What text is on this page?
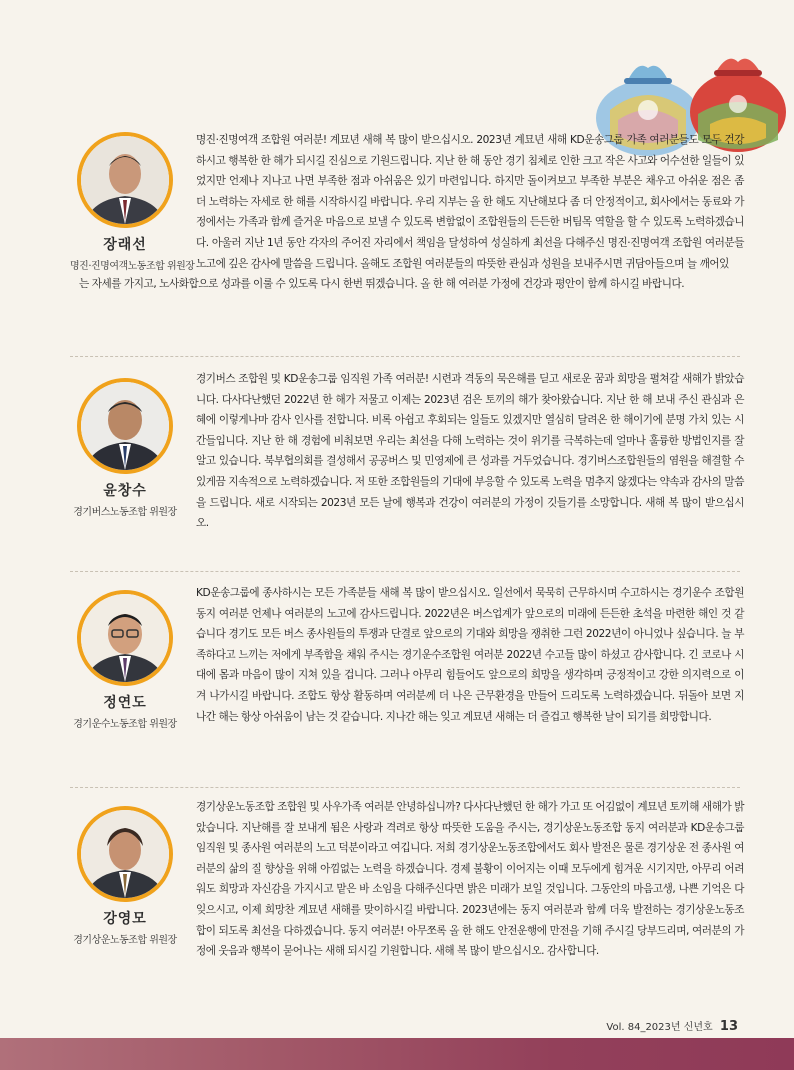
장래선
명진·진명여객노동조합 위원장

명진·진명여객 조합원 여러분! 계묘년 새해 복 많이 받으십시오. 2023년 계묘년 새해 KD운송그룹 가족 여러분들도 모두 건강하시고 행복한 한 해가 되시길 진심으로 기원드립니다. 지난 한 해 동안 경기 침체로 인한 크고 작은 사고와 어수선한 일들이 있었지만 언제나 지나고 나면 부족한 점과 아쉬움은 있기 마련입니다. 하지만 돌이켜보고 부족한 부분은 채우고 아쉬운 점은 좀 더 노력하는 자세로 한 해를 시작하시길 바랍니다. 우리 지부는 올 한 해도 지난해보다 좀 더 안정적이고, 회사에서는 동료와 가정에서는 가족과 함께 즐거운 마음으로 보낼 수 있도록 변함없이 조합원들의 든든한 버팀목 역할을 할 수 있도록 노력하겠습니다. 아울러 지난 1년 동안 각자의 주어진 자리에서 책임을 달성하여 성실하게 최선을 다해주신 명진·진명여객 조합원 여러분들 노고에 깊은 감사에 말씀을 드립니다. 올해도 조합원 여러분들의 따뜻한 관심과 성원을 보내주시면 귀담아들으며 늘 깨어있

는 자세를 가지고, 노사화합으로 성과를 이룰 수 있도록 다시 한번 뛰겠습니다. 올 한 해 여러분 가정에 건강과 평안이 함께 하시길 바랍니다.

윤창수
경기버스노동조합 위원장

경기버스 조합원 및 KD운송그룹 임직원 가족 여러분! 시련과 격동의 묵은해를 딛고 새로운 꿈과 희망을 펼쳐갈 새해가 밝았습니다. 다사다난했던 2022년 한 해가 저물고 이제는 2023년 검은 토끼의 해가 찾아왔습니다. 지난 한 해 보내 주신 관심과 은혜에 이렇게나마 감사 인사를 전합니다. 비록 아쉽고 후회되는 일들도 있겠지만 열심히 달려온 한 해이기에 분명 가치 있는 시간들입니다. 지난 한 해 경험에 비춰보면 우리는 최선을 다해 노력하는 것이 위기를 극복하는데 얼마나 훌륭한 방법인지를 잘 알고 있습니다. 북부협의회를 결성해서 공공버스 및 민영제에 큰 성과를 거두었습니다. 경기버스조합원들의 염원을 해결할 수 있게끔 지속적으로 노력하겠습니다. 저 또한 조합원들의 기대에 부응할 수 있도록 노력을 멈추지 않겠다는 약속과 감사의 말씀을 드립니다. 새로 시작되는 2023년 모든 날에 행복과 건강이 여러분의 가정이 깃들기를 소망합니다. 새해 복 많이 받으십시오.

정연도
경기운수노동조합 위원장

KD운송그룹에 종사하시는 모든 가족분들 새해 복 많이 받으십시오. 일선에서 묵묵히 근무하시며 수고하시는 경기운수 조합원 동지 여러분 언제나 여러분의 노고에 감사드립니다. 2022년은 버스업계가 앞으로의 미래에 든든한 초석을 마련한 해인 것 같습니다 경기도 모든 버스 종사원들의 투쟁과 단결로 앞으로의 기대와 희망을 쟁취한 그런 2022년이 아니었나 싶습니다. 늘 부족하다고 느끼는 저에게 부족함을 채워 주시는 경기운수조합원 여러분 2022년 수고들 많이 하셨고 감사합니다. 긴 코로나 시대에 몸과 마음이 많이 지쳐 있을 겁니다. 그러나 아무리 힘들어도 앞으로의 희망을 생각하며 긍정적이고 강한 의지력으로 이겨 나가시길 바랍니다. 조합도 항상 활동하며 여러분께 더 나은 근무환경을 만들어 드리도록 노력하겠습니다. 뒤돌아 보면 지나간 해는 항상 아쉬움이 남는 것 같습니다. 지나간 해는 잊고 계묘년 새해는 더 즐겁고 행복한 날이 되기를 희망합니다.

강영모
경기상운노동조합 위원장

경기상운노동조합 조합원 및 사우가족 여러분 안녕하십니까? 다사다난했던 한 해가 가고 또 어김없이 계묘년 토끼해 새해가 밝았습니다. 지난해를 잘 보내게 됨은 사랑과 격려로 항상 따뜻한 도움을 주시는, 경기상운노동조합 동지 여러분과 KD운송그룹 임직원 및 종사원 여러분의 노고 덕분이라고 여깁니다. 저희 경기상운노동조합에서도 회사 발전은 물론 경기상운 전 종사원 여러분의 삶의 질 향상을 위해 아낌없는 노력을 하겠습니다. 경제 불황이 이어지는 이때 모두에게 힘겨운 시기지만, 아무리 어려워도 희망과 자신감을 가지시고 맡은 바 소임을 다해주신다면 밝은 미래가 보일 것입니다. 그동안의 마음고생, 나쁜 기억은 다 잊으시고, 이제 희망찬 계묘년 새해를 맞이하시길 바랍니다. 2023년에는 동지 여러분과 함께 더욱 발전하는 경기상운노동조합이 되도록 최선을 다하겠습니다. 동지 여러분! 아무쪼록 올 한 해도 안전운행에 만전을 기해 주시길 당부드리며, 여러분의 가정에 웃음과 행복이 묻어나는 새해 되시길 기원합니다. 새해 복 많이 받으십시오. 감사합니다.

Vol. 84_2023년 신년호 13
